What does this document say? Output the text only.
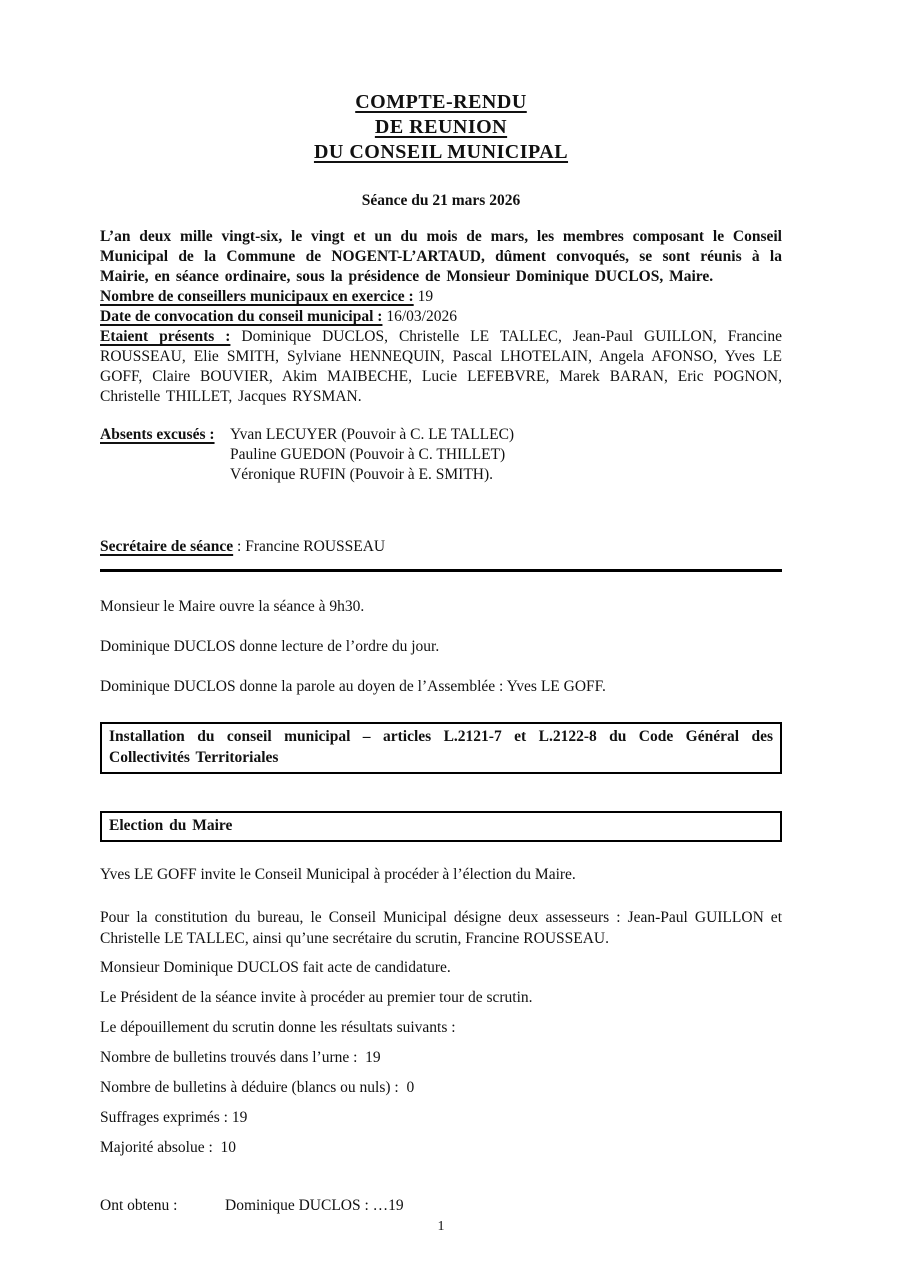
COMPTE-RENDU
DE REUNION
DU CONSEIL MUNICIPAL
Séance du 21 mars 2026

L’an deux mille vingt-six, le vingt et un du mois de mars, les membres composant le Conseil Municipal de la Commune de NOGENT-L’ARTAUD, dûment convoqués, se sont réunis à la Mairie, en séance ordinaire, sous la présidence de Monsieur Dominique DUCLOS, Maire.

Nombre de conseillers municipaux en exercice : 19
Date de convocation du conseil municipal : 16/03/2026

Etaient présents : Dominique DUCLOS, Christelle LE TALLEC, Jean-Paul GUILLON, Francine ROUSSEAU, Elie SMITH, Sylviane HENNEQUIN, Pascal LHOTELAIN, Angela AFONSO, Yves LE GOFF, Claire BOUVIER, Akim MAIBECHE, Lucie LEFEBVRE, Marek BARAN, Eric POGNON, Christelle THILLET, Jacques RYSMAN.

Absents excusés : Yvan LECUYER (Pouvoir à C. LE TALLEC)
Pauline GUEDON (Pouvoir à C. THILLET)
Véronique RUFIN (Pouvoir à E. SMITH).
Secrétaire de séance : Francine ROUSSEAU

Monsieur le Maire ouvre la séance à 9h30.

Dominique DUCLOS donne lecture de l’ordre du jour.

Dominique DUCLOS donne la parole au doyen de l’Assemblée : Yves LE GOFF.

Installation du conseil municipal – articles L.2121-7 et L.2122-8 du Code Général des Collectivités Territoriales
Election du Maire

Yves LE GOFF invite le Conseil Municipal à procéder à l’élection du Maire.

Pour la constitution du bureau, le Conseil Municipal désigne deux assesseurs : Jean-Paul GUILLON et Christelle LE TALLEC, ainsi qu’une secrétaire du scrutin, Francine ROUSSEAU.

Monsieur Dominique DUCLOS fait acte de candidature.

Le Président de la séance invite à procéder au premier tour de scrutin.

Le dépouillement du scrutin donne les résultats suivants :

Nombre de bulletins trouvés dans l’urne : 19

Nombre de bulletins à déduire (blancs ou nuls) : 0

Suffrages exprimés : 19

Majorité absolue : 10

Ont obtenu :	Dominique DUCLOS : …19
1
